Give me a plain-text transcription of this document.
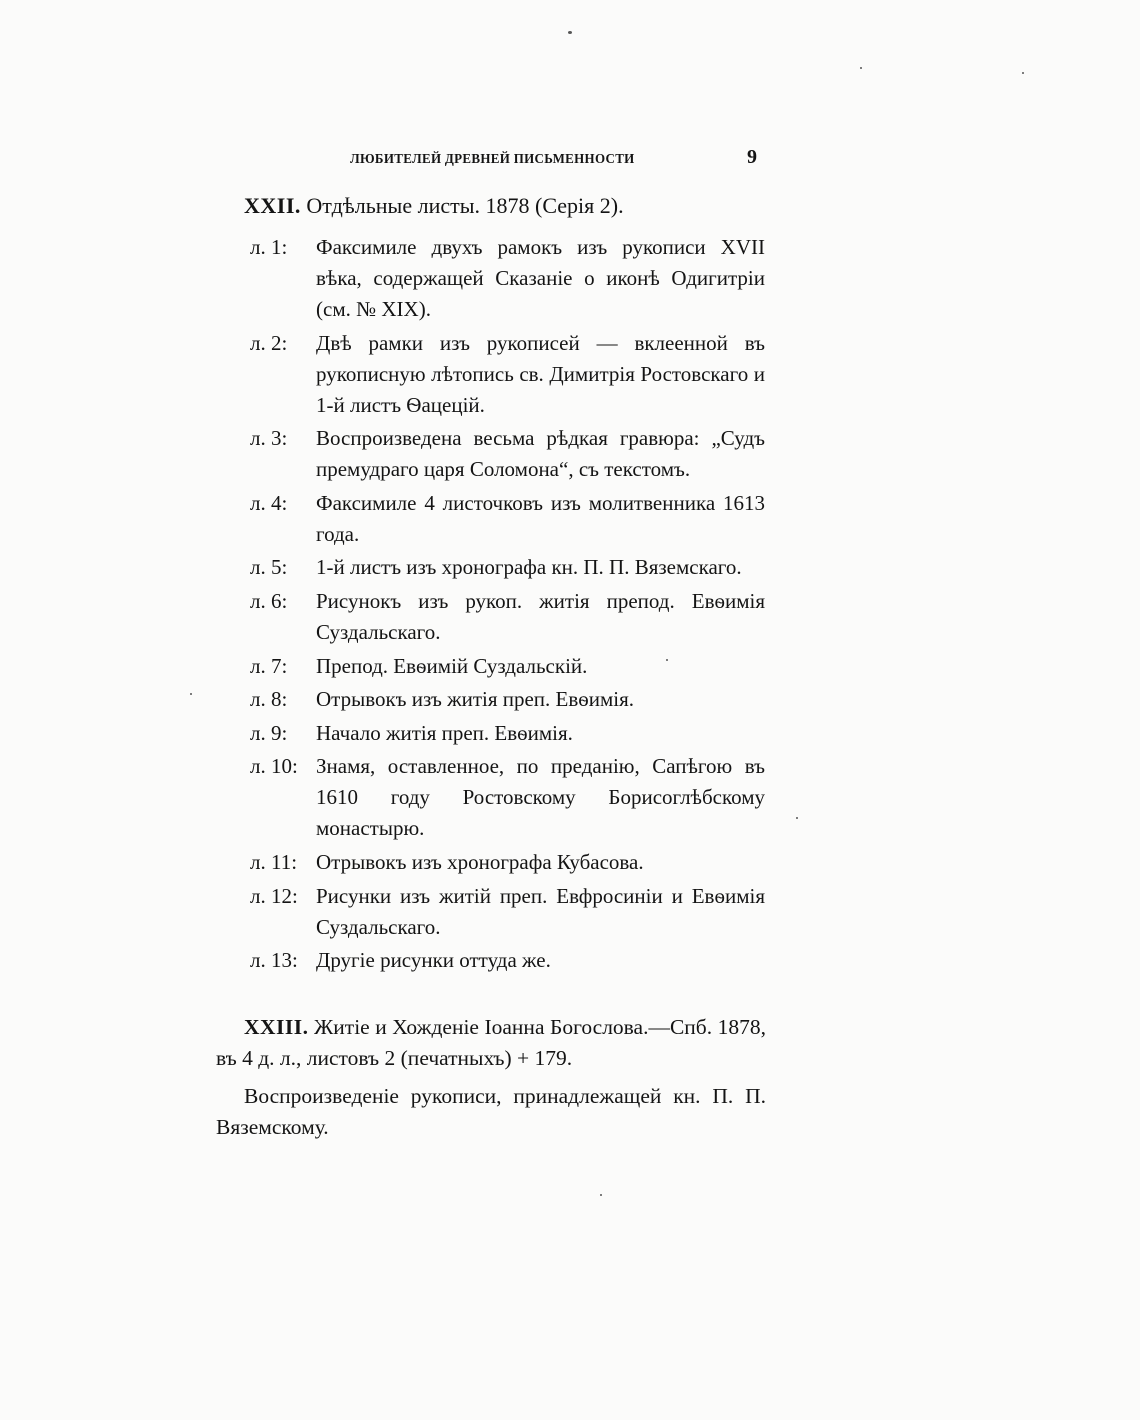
ЛЮБИТЕЛЕЙ ДРЕВНЕЙ ПИСЬМЕННОСТИ	9
XXII. Отдѣльные листы. 1878 (Серія 2).
л. 1:	Факсимиле двухъ рамокъ изъ рукописи XVII вѣка, содержащей Сказаніе о иконѣ Одигитріи (см. № XIX).
л. 2:	Двѣ рамки изъ рукописей — вклеенной въ рукописную лѣтопись св. Димитрія Ростовскаго и 1-й листъ Ѳацецій.
л. 3:	Воспроизведена весьма рѣдкая гравюра: „Судъ премудраго царя Соломона“, съ текстомъ.
л. 4:	Факсимиле 4 листочковъ изъ молитвенника 1613 года.
л. 5:	1-й листъ изъ хронографа кн. П. П. Вяземскаго.
л. 6:	Рисунокъ изъ рукоп. житія препод. Евѳимія Суздальскаго.
л. 7:	Препод. Евѳимій Суздальскій.
л. 8:	Отрывокъ изъ житія преп. Евѳимія.
л. 9:	Начало житія преп. Евѳимія.
л. 10: Знамя, оставленное, по преданію, Сапѣгою въ 1610 году Ростовскому Борисоглѣбскому монастырю.
л. 11: Отрывокъ изъ хронографа Кубасова.
л. 12: Рисунки изъ житій преп. Евфросиніи и Евѳимія Суздальскаго.
л. 13: Другіе рисунки оттуда же.

XXIII. Житіе и Хожденіе Іоанна Богослова.—Спб. 1878, въ 4 д. л., листовъ 2 (печатныхъ) + 179.

Воспроизведеніе рукописи, принадлежащей кн. П. П. Вяземскому.
